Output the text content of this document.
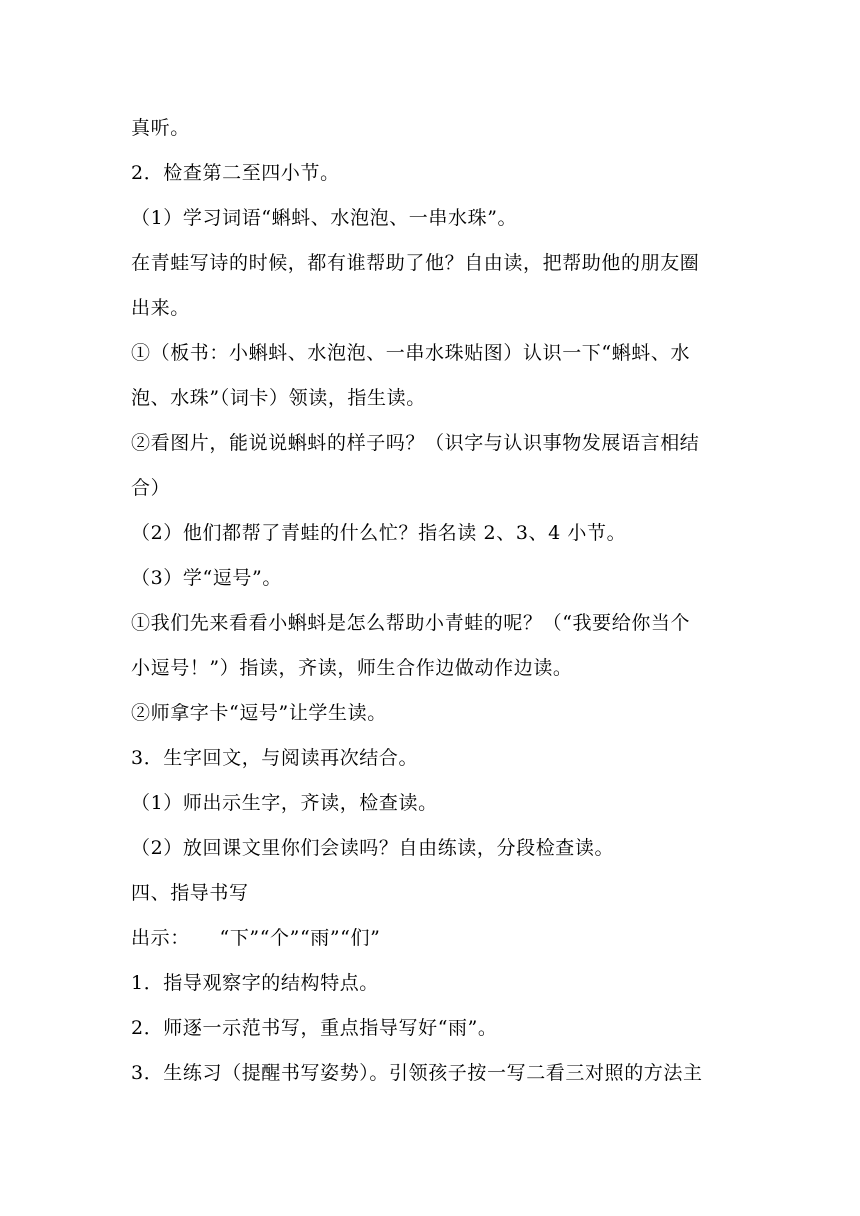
真听。
2．检查第二至四小节。
（1）学习词语“蝌蚪、水泡泡、一串水珠”。
在青蛙写诗的时候，都有谁帮助了他？自由读，把帮助他的朋友圈
出来。
①（板书：小蝌蚪、水泡泡、一串水珠贴图）认识一下“蝌蚪、水
泡、水珠”（词卡）领读，指生读。
②看图片，能说说蝌蚪的样子吗？（识字与认识事物发展语言相结
合）
（2）他们都帮了青蛙的什么忙？指名读 2、3、4 小节。
（3）学“逗号”。
①我们先来看看小蝌蚪是怎么帮助小青蛙的呢？（“我要给你当个
小逗号！”）指读，齐读，师生合作边做动作边读。
②师拿字卡“逗号”让学生读。
3．生字回文，与阅读再次结合。
（1）师出示生字，齐读，检查读。
（2）放回课文里你们会读吗？自由练读，分段检查读。
四、指导书写
出示：　　“下”“个”“雨”“们”
1．指导观察字的结构特点。
2．师逐一示范书写，重点指导写好“雨”。
3．生练习（提醒书写姿势）。引领孩子按一写二看三对照的方法主
